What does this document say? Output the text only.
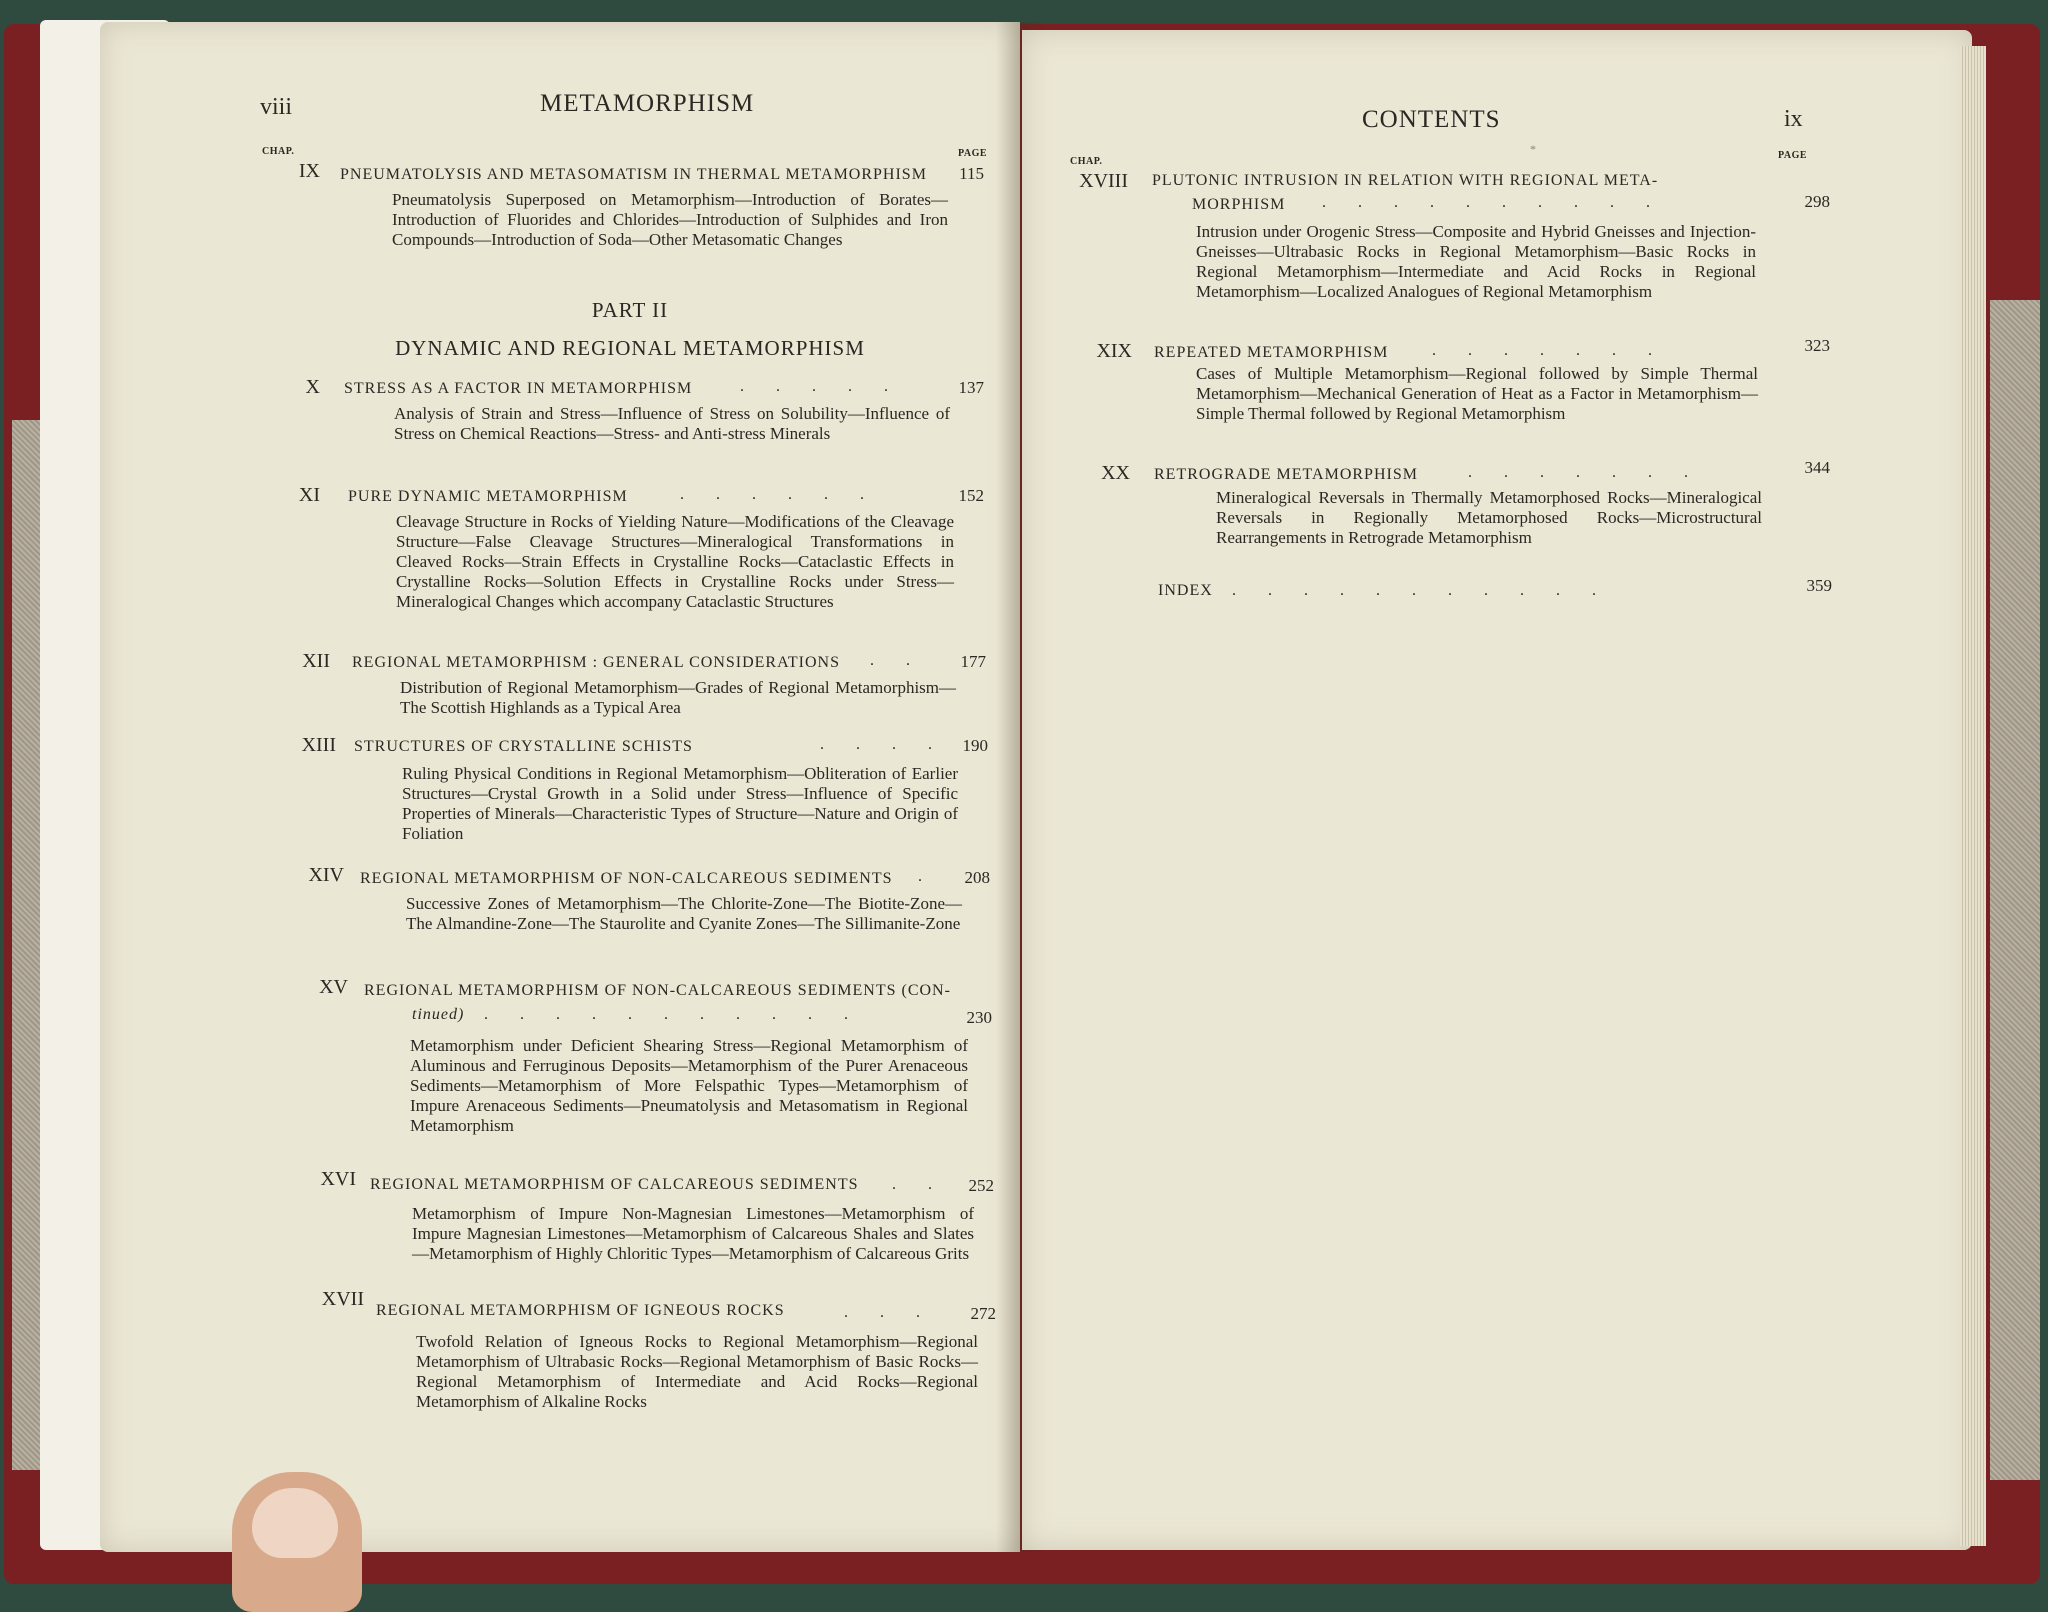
viii	METAMORPHISM
CHAP.	PAGE
IX PNEUMATOLYSIS AND METASOMATISM IN THERMAL METAMORPHISM	115
Pneumatolysis Superposed on Metamorphism—Introduction of Borates—Introduction of Fluorides and Chlorides—Introduction of Sulphides and Iron Compounds—Introduction of Soda—Other Metasomatic Changes
PART II
DYNAMIC AND REGIONAL METAMORPHISM
X STRESS AS A FACTOR IN METAMORPHISM	. . . . .	137
Analysis of Strain and Stress—Influence of Stress on Solubility—Influence of Stress on Chemical Reactions—Stress- and Anti-stress Minerals
XI PURE DYNAMIC METAMORPHISM	. . . . . .	152
Cleavage Structure in Rocks of Yielding Nature—Modifications of the Cleavage Structure—False Cleavage Structures—Mineralogical Transformations in Cleaved Rocks—Strain Effects in Crystalline Rocks—Cataclastic Effects in Crystalline Rocks—Solution Effects in Crystalline Rocks under Stress—Mineralogical Changes which accompany Cataclastic Structures
XII REGIONAL METAMORPHISM : GENERAL CONSIDERATIONS . .	177
Distribution of Regional Metamorphism—Grades of Regional Metamorphism—The Scottish Highlands as a Typical Area
XIII STRUCTURES OF CRYSTALLINE SCHISTS	. . . . 190
Ruling Physical Conditions in Regional Metamorphism—Obliteration of Earlier Structures—Crystal Growth in a Solid under Stress—Influence of Specific Properties of Minerals—Characteristic Types of Structure—Nature and Origin of Foliation
XIV REGIONAL METAMORPHISM OF NON-CALCAREOUS SEDIMENTS .	208
Successive Zones of Metamorphism—The Chlorite-Zone—The Biotite-Zone—The Almandine-Zone—The Staurolite and Cyanite Zones—The Sillimanite-Zone
XV REGIONAL METAMORPHISM OF NON-CALCAREOUS SEDIMENTS (CON-
tinued) . . . . . . . . . . .	230
Metamorphism under Deficient Shearing Stress—Regional Metamorphism of Aluminous and Ferruginous Deposits—Metamorphism of the Purer Arenaceous Sediments—Metamorphism of More Felspathic Types—Metamorphism of Impure Arenaceous Sediments—Pneumatolysis and Metasomatism in Regional Metamorphism
XVI REGIONAL METAMORPHISM OF CALCAREOUS SEDIMENTS . .	252
Metamorphism of Impure Non-Magnesian Limestones—Metamorphism of Impure Magnesian Limestones—Metamorphism of Calcareous Shales and Slates—Metamorphism of Highly Chloritic Types—Metamorphism of Calcareous Grits
XVII
REGIONAL METAMORPHISM OF IGNEOUS ROCKS	. . .	272
Twofold Relation of Igneous Rocks to Regional Metamorphism—Regional Metamorphism of Ultrabasic Rocks—Regional Metamorphism of Basic Rocks—Regional Metamorphism of Intermediate and Acid Rocks—Regional Metamorphism of Alkaline Rocks
CONTENTS	ix
*
CHAP.
PAGE
XVIII PLUTONIC INTRUSION IN RELATION WITH REGIONAL META-
MORPHISM . . . . . . . . . .	298
Intrusion under Orogenic Stress—Composite and Hybrid Gneisses and Injection-Gneisses—Ultrabasic Rocks in Regional Metamorphism—Basic Rocks in Regional Metamorphism—Intermediate and Acid Rocks in Regional Metamorphism—Localized Analogues of Regional Metamorphism
XIX REPEATED METAMORPHISM	. . . . . . .	323
Cases of Multiple Metamorphism—Regional followed by Simple Thermal Metamorphism—Mechanical Generation of Heat as a Factor in Metamorphism—Simple Thermal followed by Regional Metamorphism
XX RETROGRADE METAMORPHISM	. . . . . . .	344
Mineralogical Reversals in Thermally Metamorphosed Rocks—Mineralogical Reversals in Regionally Metamorphosed Rocks—Microstructural Rearrangements in Retrograde Metamorphism
INDEX . . . . . . . . . . .	359
